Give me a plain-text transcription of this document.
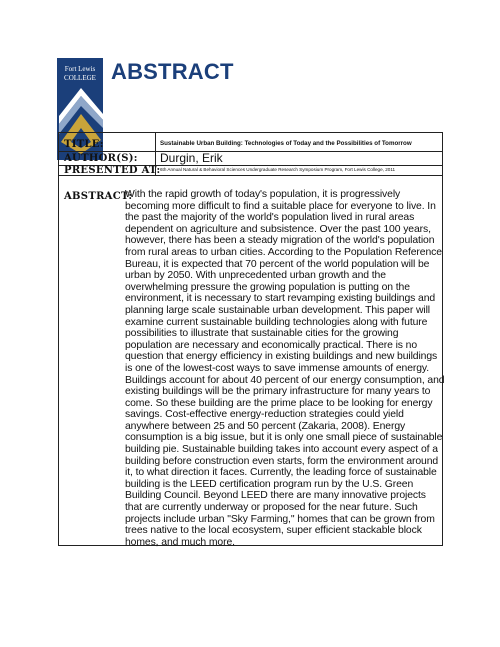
Fort Lewis
COLLEGE ABSTRACT
TITLE:	Sustainable Urban Building: Technologies of Today and the Possibilities of Tomorrow
AUTHOR(S): Durgin, Erik
PRESENTED AT: 6th Annual Natural & Behavioral Sciences Undergraduate Research Symposium Program, Fort Lewis College, 2011
ABSTRACT:
With the rapid growth of today's population, it is progressively becoming more difficult to find a suitable place for everyone to live. In the past the majority of the world's population lived in rural areas dependent on agriculture and subsistence. Over the past 100 years, however, there has been a steady migration of the world's population from rural areas to urban cities. According to the Population Reference Bureau, it is expected that 70 percent of the world population will be urban by 2050. With unprecedented urban growth and the overwhelming pressure the growing population is putting on the environment, it is necessary to start revamping existing buildings and planning large scale sustainable urban development. This paper will examine current sustainable building technologies along with future possibilities to illustrate that sustainable cities for the growing population are necessary and economically practical. There is no question that energy efficiency in existing buildings and new buildings is one of the lowest-cost ways to save immense amounts of energy. Buildings account for about 40 percent of our energy consumption, and existing buildings will be the primary infrastructure for many years to come. So these building are the prime place to be looking for energy savings. Cost-effective energy-reduction strategies could yield anywhere between 25 and 50 percent (Zakaria, 2008). Energy consumption is a big issue, but it is only one small piece of sustainable building pie. Sustainable building takes into account every aspect of a building before construction even starts, form the environment around it, to what direction it faces. Currently, the leading force of sustainable building is the LEED certification program run by the U.S. Green Building Council. Beyond LEED there are many innovative projects that are currently underway or proposed for the near future. Such projects include urban "Sky Farming," homes that can be grown from trees native to the local ecosystem, super efficient stackable block homes, and much more.
